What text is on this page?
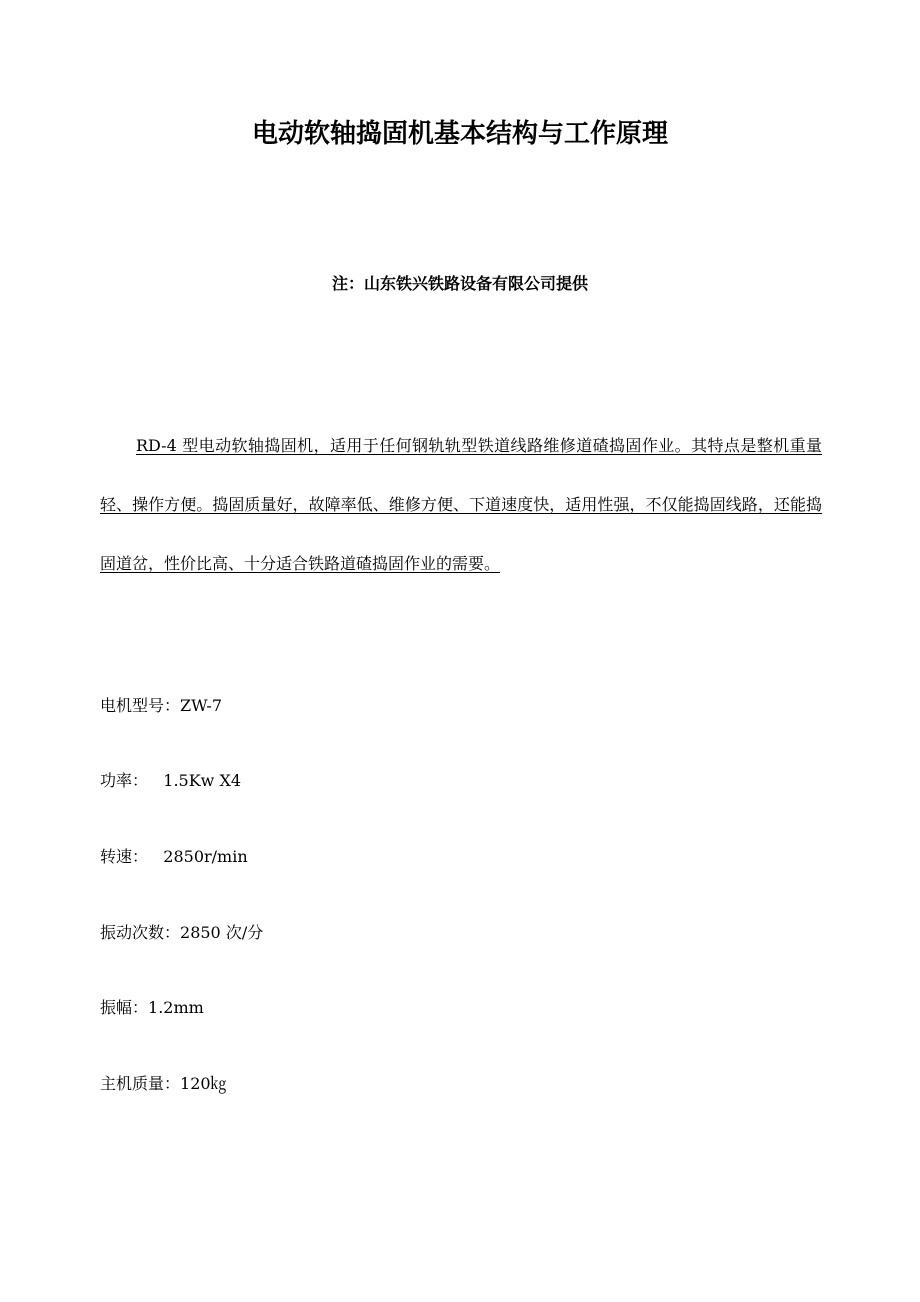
电动软轴捣固机基本结构与工作原理
注：山东铁兴铁路设备有限公司提供
RD-4 型电动软轴捣固机，适用于任何钢轨轨型铁道线路维修道碴捣固作业。其特点是整机重量轻、操作方便。捣固质量好，故障率低、维修方便、下道速度快，适用性强，不仅能捣固线路，还能捣固道岔，性价比高、十分适合铁路道碴捣固作业的需要。
电机型号：ZW-7
功率：   1.5Kw X4
转速：   2850r/min
振动次数：2850 次/分
振幅：1.2mm
主机质量：120㎏
